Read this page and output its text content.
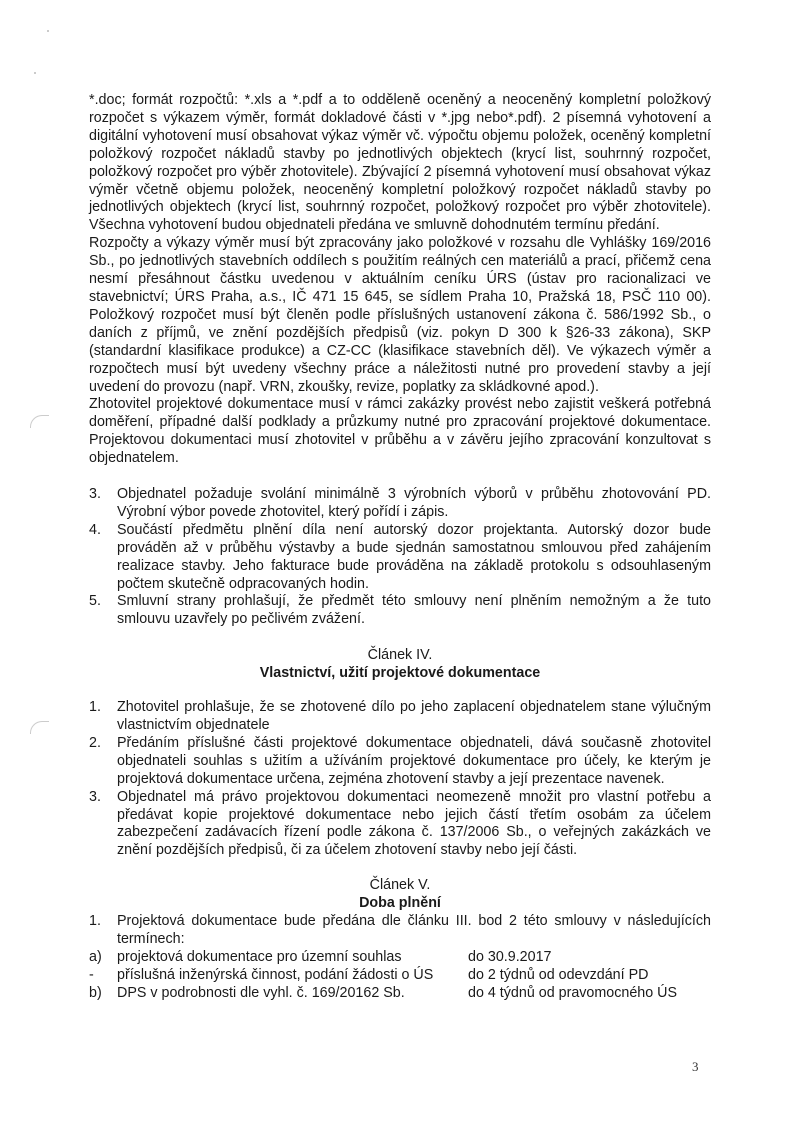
*.doc; formát rozpočtů: *.xls a *.pdf a to odděleně oceněný a neoceněný kompletní položkový rozpočet s výkazem výměr, formát dokladové části v *.jpg nebo*.pdf). 2 písemná vyhotovení a digitální vyhotovení musí obsahovat výkaz výměr vč. výpočtu objemu položek, oceněný kompletní položkový rozpočet nákladů stavby po jednotlivých objektech (krycí list, souhrnný rozpočet, položkový rozpočet pro výběr zhotovitele). Zbývající 2 písemná vyhotovení musí obsahovat výkaz výměr včetně objemu položek, neoceněný kompletní položkový rozpočet nákladů stavby po jednotlivých objektech (krycí list, souhrnný rozpočet, položkový rozpočet pro výběr zhotovitele). Všechna vyhotovení budou objednateli předána ve smluvně dohodnutém termínu předání.

Rozpočty a výkazy výměr musí být zpracovány jako položkové v rozsahu dle Vyhlášky 169/2016 Sb., po jednotlivých stavebních oddílech s použitím reálných cen materiálů a prací, přičemž cena nesmí přesáhnout částku uvedenou v aktuálním ceníku ÚRS (ústav pro racionalizaci ve stavebnictví; ÚRS Praha, a.s., IČ 471 15 645, se sídlem Praha 10, Pražská 18, PSČ 110 00). Položkový rozpočet musí být členěn podle příslušných ustanovení zákona č. 586/1992 Sb., o daních z příjmů, ve znění pozdějších předpisů (viz. pokyn D 300 k §26-33 zákona), SKP (standardní klasifikace produkce) a CZ-CC (klasifikace stavebních děl). Ve výkazech výměr a rozpočtech musí být uvedeny všechny práce a náležitosti nutné pro provedení stavby a její uvedení do provozu (např. VRN, zkoušky, revize, poplatky za skládkovné apod.).

Zhotovitel projektové dokumentace musí v rámci zakázky provést nebo zajistit veškerá potřebná doměření, případné další podklady a průzkumy nutné pro zpracování projektové dokumentace. Projektovou dokumentaci musí zhotovitel v průběhu a v závěru jejího zpracování konzultovat s objednatelem.

3. Objednatel požaduje svolání minimálně 3 výrobních výborů v průběhu zhotovování PD. Výrobní výbor povede zhotovitel, který pořídí i zápis.
4. Součástí předmětu plnění díla není autorský dozor projektanta. Autorský dozor bude prováděn až v průběhu výstavby a bude sjednán samostatnou smlouvou před zahájením realizace stavby. Jeho fakturace bude prováděna na základě protokolu s odsouhlaseným počtem skutečně odpracovaných hodin.
5. Smluvní strany prohlašují, že předmět této smlouvy není plněním nemožným a že tuto smlouvu uzavřely po pečlivém zvážení.

Článek IV.

Vlastnictví, užití projektové dokumentace

1. Zhotovitel prohlašuje, že se zhotovené dílo po jeho zaplacení objednatelem stane výlučným vlastnictvím objednatele
2. Předáním příslušné části projektové dokumentace objednateli, dává současně zhotovitel objednateli souhlas s užitím a užíváním projektové dokumentace pro účely, ke kterým je projektová dokumentace určena, zejména zhotovení stavby a její prezentace navenek.
3. Objednatel má právo projektovou dokumentaci neomezeně množit pro vlastní potřebu a předávat kopie projektové dokumentace nebo jejich částí třetím osobám za účelem zabezpečení zadávacích řízení podle zákona č. 137/2006 Sb., o veřejných zakázkách ve znění pozdějších předpisů, či za účelem zhotovení stavby nebo její části.

Článek V.

Doba plnění

1. Projektová dokumentace bude předána dle článku III. bod 2 této smlouvy v následujících termínech:
a) projektová dokumentace pro územní souhlas	do 30.9.2017
- příslušná inženýrská činnost, podání žádosti o ÚS do 2 týdnů od odevzdání PD
b) DPS v podrobnosti dle vyhl. č. 169/20162 Sb.	do 4 týdnů od pravomocného ÚS
3
